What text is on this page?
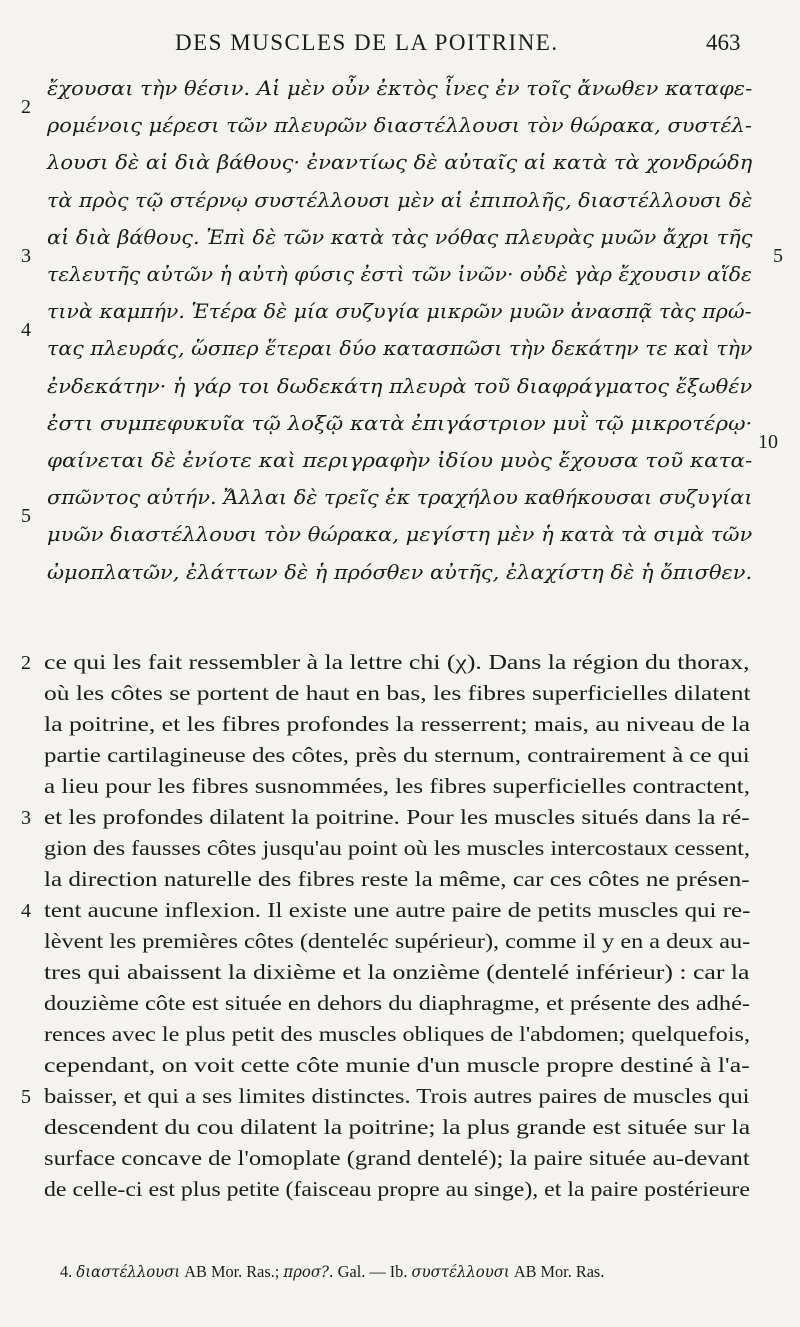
DES MUSCLES DE LA POITRINE.	463
2
ἔχουσαι τὴν θέσιν. Αἱ μὲν οὖν ἐκτὸς ἶνες ἐν τοῖς ἄνωθεν καταφε-
ρομένοις μέρεσι τῶν πλευρῶν διαστέλλουσι τὸν θώρακα, συστέλ-
λουσι δὲ αἱ διὰ βάθους· ἐναντίως δὲ αὐταῖς αἱ κατὰ τὰ χονδρώδη
τὰ πρὸς τῷ στέρνῳ συστέλλουσι μὲν αἱ ἐπιπολῆς, διαστέλλουσι δὲ
3
αἱ διὰ βάθους. Ἐπὶ δὲ τῶν κατὰ τὰς νόθας πλευρὰς μυῶν ἄχρι τῆς
5
τελευτῆς αὐτῶν ἡ αὐτὴ φύσις ἐστὶ τῶν ἰνῶν· οὐδὲ γὰρ ἔχουσιν αἵδε
4
τινὰ καμπήν. Ἑτέρα δὲ μία συζυγία μικρῶν μυῶν ἀνασπᾷ τὰς πρώ-
τας πλευράς, ὥσπερ ἕτεραι δύο κατασπῶσι τὴν δεκάτην τε καὶ τὴν
ἐνδεκάτην· ἡ γάρ τοι δωδεκάτη πλευρὰ τοῦ διαφράγματος ἔξωθέν
ἐστι συμπεφυκυῖα τῷ λοξῷ κατὰ ἐπιγάστριον μυῒ τῷ μικροτέρῳ·
10
φαίνεται δὲ ἐνίοτε καὶ περιγραφὴν ἰδίου μυὸς ἔχουσα τοῦ κατα-
5
σπῶντος αὐτήν. Ἄλλαι δὲ τρεῖς ἐκ τραχήλου καθήκουσαι συζυγίαι
μυῶν διαστέλλουσι τὸν θώρακα, μεγίστη μὲν ἡ κατὰ τὰ σιμὰ τῶν
ὠμοπλατῶν, ἐλάττων δὲ ἡ πρόσθεν αὐτῆς, ἐλαχίστη δὲ ἡ ὄπισθεν.
2 ce qui les fait ressembler à la lettre chi (χ). Dans la région du thorax,
où les côtes se portent de haut en bas, les fibres superficielles dilatent
la poitrine, et les fibres profondes la resserrent; mais, au niveau de la
partie cartilagineuse des côtes, près du sternum, contrairement à ce qui
a lieu pour les fibres susnommées, les fibres superficielles contractent,
3 et les profondes dilatent la poitrine. Pour les muscles situés dans la ré-
gion des fausses côtes jusqu'au point où les muscles intercostaux cessent,
la direction naturelle des fibres reste la même, car ces côtes ne présen-
4 tent aucune inflexion. Il existe une autre paire de petits muscles qui re-
lèvent les premières côtes (denteléc supérieur), comme il y en a deux au-
tres qui abaissent la dixième et la onzième (dentelé inférieur) : car la
douzième côte est située en dehors du diaphragme, et présente des adhé-
rences avec le plus petit des muscles obliques de l'abdomen; quelquefois,
cependant, on voit cette côte munie d'un muscle propre destiné à l'a-
5 baisser, et qui a ses limites distinctes. Trois autres paires de muscles qui
descendent du cou dilatent la poitrine; la plus grande est située sur la
surface concave de l'omoplate (grand dentelé); la paire située au-devant
de celle-ci est plus petite (faisceau propre au singe), et la paire postérieure
4. διαστέλλουσι AB Mor. Ras.; προσ?. Gal. — Ib. συστέλλουσι AB Mor. Ras.
